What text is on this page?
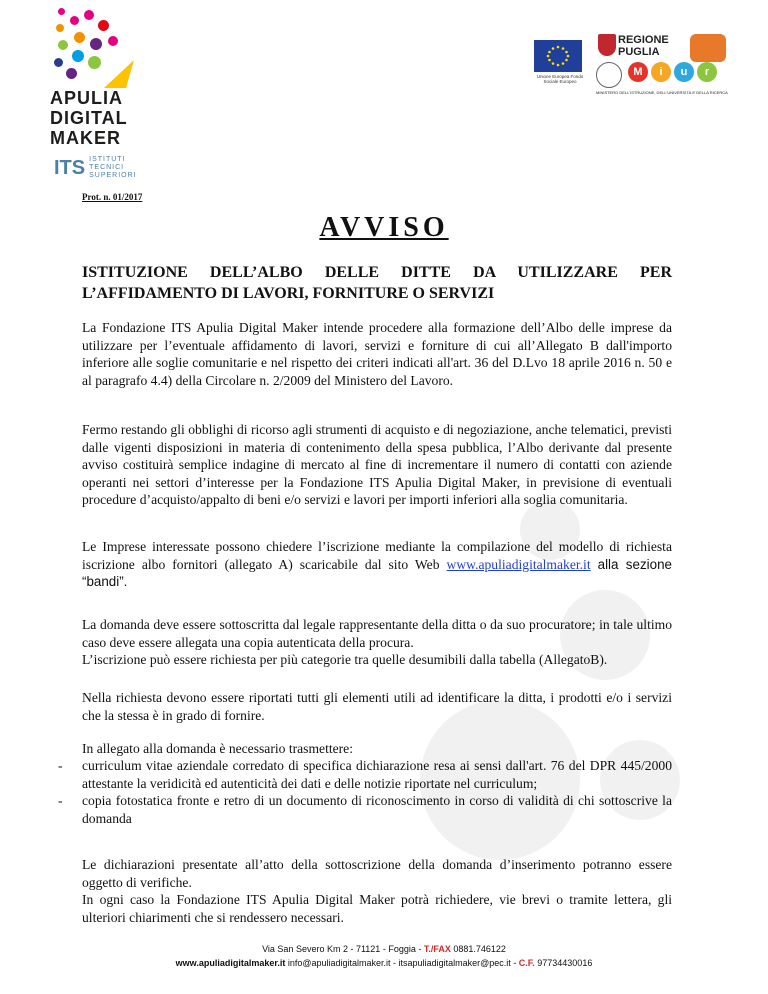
APULIA
DIGITAL
MAKER
ITS ISTITUTI
TECNICI
SUPERIORI
Unione Europea Fondo Sociale Europeo
REGIONE
PUGLIA
M	i	u	r
MINISTERO DELL'ISTRUZIONE, DELL'UNIVERSITÀ E DELLA RICERCA
Prot. n. 01/2017
AVVISO
ISTITUZIONE DELL’ALBO DELLE DITTE DA UTILIZZARE PER L’AFFIDAMENTO DI LAVORI, FORNITURE O SERVIZI
La Fondazione ITS Apulia Digital Maker intende procedere alla formazione dell’Albo delle imprese da utilizzare per l’eventuale affidamento di lavori, servizi e forniture di cui all’Allegato B dall'importo inferiore alle soglie comunitarie e nel rispetto dei criteri indicati all'art. 36 del D.Lvo 18 aprile 2016 n. 50 e al paragrafo 4.4) della Circolare n. 2/2009 del Ministero del Lavoro.
Fermo restando gli obblighi di ricorso agli strumenti di acquisto e di negoziazione, anche telematici, previsti dalle vigenti disposizioni in materia di contenimento della spesa pubblica, l’Albo derivante dal presente avviso costituirà semplice indagine di mercato al fine di incrementare il numero di contatti con aziende operanti nei settori d’interesse per la Fondazione ITS Apulia Digital Maker, in previsione di eventuali procedure d’acquisto/appalto di beni e/o servizi e lavori per importi inferiori alla soglia comunitaria.
Le Imprese interessate possono chiedere l’iscrizione mediante la compilazione del modello di richiesta iscrizione albo fornitori (allegato A) scaricabile dal sito Web www.apuliadigitalmaker.it alla sezione “bandi”.
La domanda deve essere sottoscritta dal legale rappresentante della ditta o da suo procuratore; in tale ultimo caso deve essere allegata una copia autenticata della procura.
L’iscrizione può essere richiesta per più categorie tra quelle desumibili dalla tabella (AllegatoB).
Nella richiesta devono essere riportati tutti gli elementi utili ad identificare la ditta, i prodotti e/o i servizi che la stessa è in grado di fornire.
In allegato alla domanda è necessario trasmettere:
- curriculum vitae aziendale corredato di specifica dichiarazione resa ai sensi dall'art. 76 del DPR 445/2000 attestante la veridicità ed autenticità dei dati e delle notizie riportate nel curriculum;
- copia fotostatica fronte e retro di un documento di riconoscimento in corso di validità di chi sottoscrive la domanda
Le dichiarazioni presentate all’atto della sottoscrizione della domanda d’inserimento potranno essere oggetto di verifiche.
In ogni caso la Fondazione ITS Apulia Digital Maker potrà richiedere, vie brevi o tramite lettera, gli ulteriori chiarimenti che si rendessero necessari.
Via San Severo Km 2 - 71121 - Foggia - T./FAX 0881.746122
www.apuliadigitalmaker.it info@apuliadigitalmaker.it - itsapuliadigitalmaker@pec.it - C.F. 97734430016
